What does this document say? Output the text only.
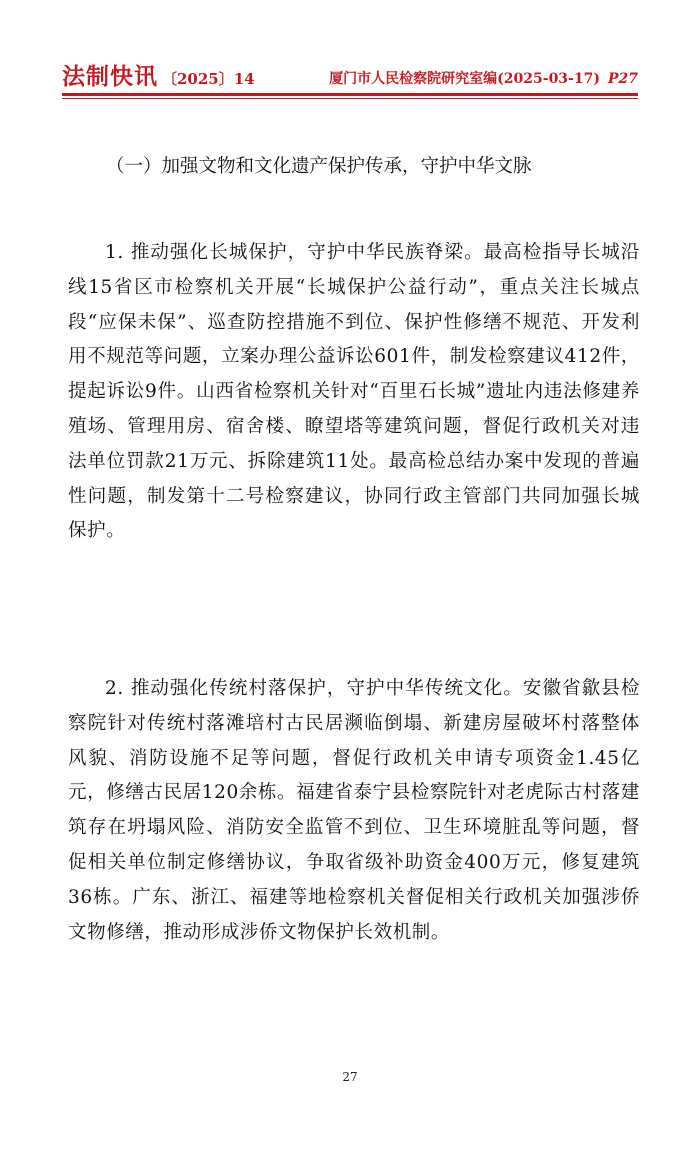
法制快讯 〔2025〕14	厦门市人民检察院研究室编(2025-03-17) P27
（一）加强文物和文化遗产保护传承，守护中华文脉

1. 推动强化长城保护，守护中华民族脊梁。最高检指导长城沿线15省区市检察机关开展“长城保护公益行动”，重点关注长城点段“应保未保”、巡查防控措施不到位、保护性修缮不规范、开发利用不规范等问题，立案办理公益诉讼601件，制发检察建议412件，提起诉讼9件。山西省检察机关针对“百里石长城”遗址内违法修建养殖场、管理用房、宿舍楼、瞭望塔等建筑问题，督促行政机关对违法单位罚款21万元、拆除建筑11处。最高检总结办案中发现的普遍性问题，制发第十二号检察建议，协同行政主管部门共同加强长城保护。

2. 推动强化传统村落保护，守护中华传统文化。安徽省歙县检察院针对传统村落滩培村古民居濒临倒塌、新建房屋破坏村落整体风貌、消防设施不足等问题，督促行政机关申请专项资金1.45亿元，修缮古民居120余栋。福建省泰宁县检察院针对老虎际古村落建筑存在坍塌风险、消防安全监管不到位、卫生环境脏乱等问题，督促相关单位制定修缮协议，争取省级补助资金400万元，修复建筑36栋。广东、浙江、福建等地检察机关督促相关行政机关加强涉侨文物修缮，推动形成涉侨文物保护长效机制。

27
